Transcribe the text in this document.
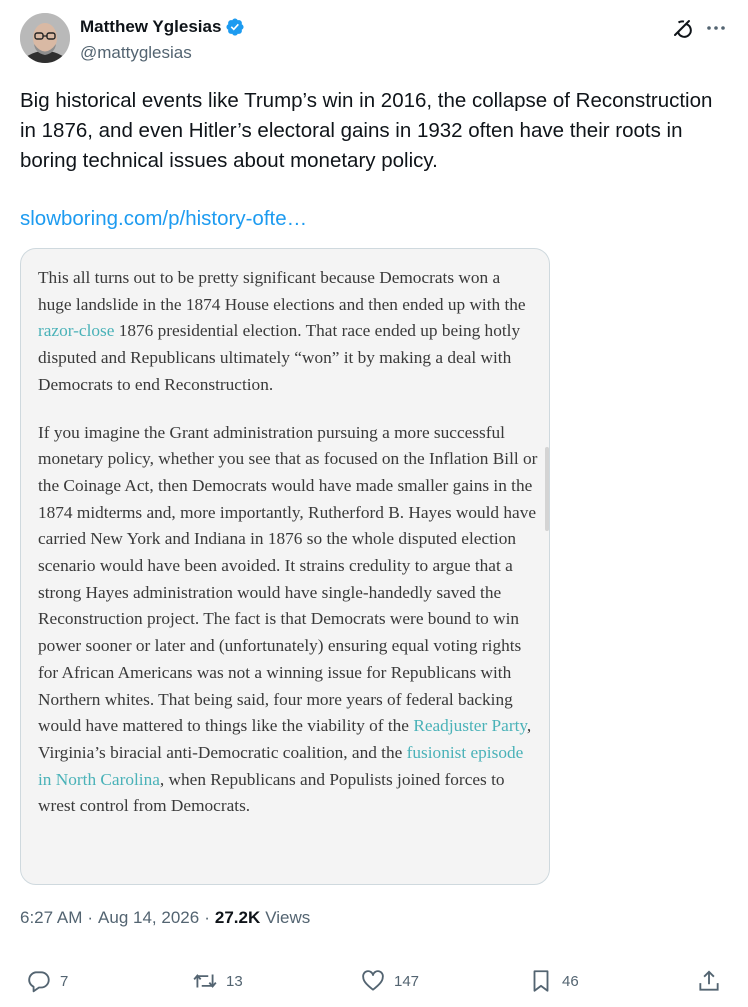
Matthew Yglesias
@mattyglesias

Big historical events like Trump’s win in 2016, the collapse of Reconstruction in 1876, and even Hitler’s electoral gains in 1932 often have their roots in boring technical issues about monetary policy.

slowboring.com/p/history-ofte…

This all turns out to be pretty significant because Democrats won a huge landslide in the 1874 House elections and then ended up with the razor-close 1876 presidential election. That race ended up being hotly disputed and Republicans ultimately “won” it by making a deal with Democrats to end Reconstruction.

If you imagine the Grant administration pursuing a more successful monetary policy, whether you see that as focused on the Inflation Bill or the Coinage Act, then Democrats would have made smaller gains in the 1874 midterms and, more importantly, Rutherford B. Hayes would have carried New York and Indiana in 1876 so the whole disputed election scenario would have been avoided. It strains credulity to argue that a strong Hayes administration would have single-handedly saved the Reconstruction project. The fact is that Democrats were bound to win power sooner or later and (unfortunately) ensuring equal voting rights for African Americans was not a winning issue for Republicans with Northern whites. That being said, four more years of federal backing would have mattered to things like the viability of the Readjuster Party, Virginia’s biracial anti-Democratic coalition, and the fusionist episode in North Carolina, when Republicans and Populists joined forces to wrest control from Democrats.

6:27 AM · Aug 14, 2026 · 27.2K Views
7	13	147	46
